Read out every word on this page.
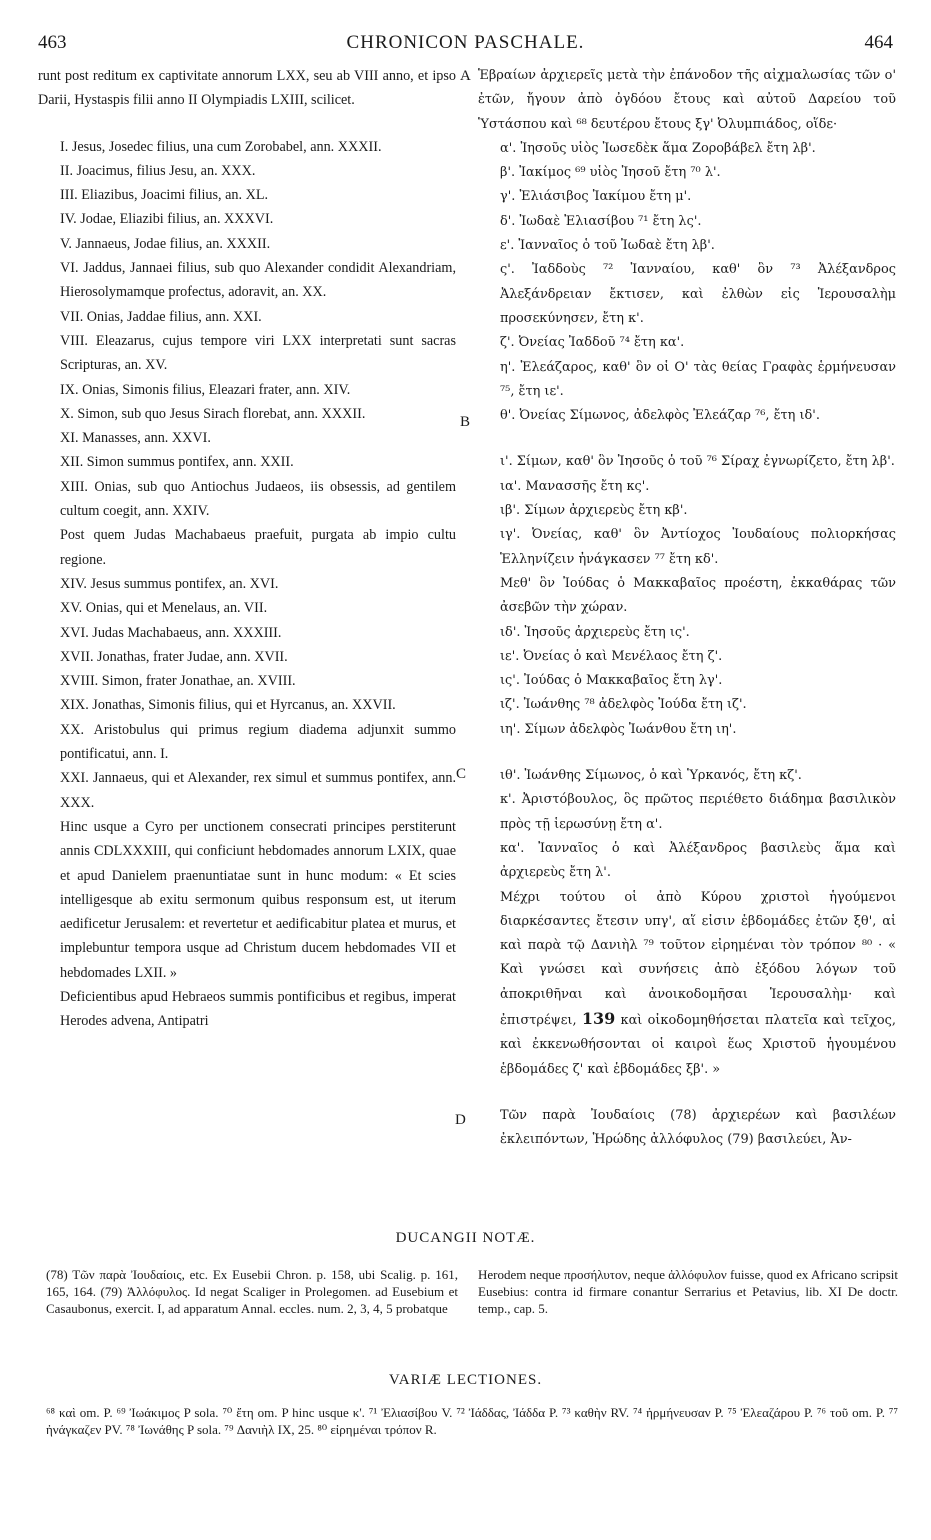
463	CHRONICON PASCHALE.	464
A
B
C
D

runt post reditum ex captivitate annorum LXX, seu ab VIII anno, et ipso Darii, Hystaspis filii anno II Olympiadis LXIII, scilicet.

I. Jesus, Josedec filius, una cum Zorobabel, ann. XXXII.

II. Joacimus, filius Jesu, an. XXX.

III. Eliazibus, Joacimi filius, an. XL.

IV. Jodae, Eliazibi filius, an. XXXVI.

V. Jannaeus, Jodae filius, an. XXXII.

VI. Jaddus, Jannaei filius, sub quo Alexander condidit Alexandriam, Hierosolymamque profectus, adoravit, an. XX.

VII. Onias, Jaddae filius, ann. XXI.

VIII. Eleazarus, cujus tempore viri LXX interpretati sunt sacras Scripturas, an. XV.

IX. Onias, Simonis filius, Eleazari frater, ann. XIV.

X. Simon, sub quo Jesus Sirach florebat, ann. XXXII.

XI. Manasses, ann. XXVI.

XII. Simon summus pontifex, ann. XXII.

XIII. Onias, sub quo Antiochus Judaeos, iis obsessis, ad gentilem cultum coegit, ann. XXIV.

Post quem Judas Machabaeus praefuit, purgata ab impio cultu regione.

XIV. Jesus summus pontifex, an. XVI.

XV. Onias, qui et Menelaus, an. VII.

XVI. Judas Machabaeus, ann. XXXIII.

XVII. Jonathas, frater Judae, ann. XVII.

XVIII. Simon, frater Jonathae, an. XVIII.

XIX. Jonathas, Simonis filius, qui et Hyrcanus, an. XXVII.

XX. Aristobulus qui primus regium diadema adjunxit summo pontificatui, ann. I.

XXI. Jannaeus, qui et Alexander, rex simul et summus pontifex, ann. XXX.

Hinc usque a Cyro per unctionem consecrati principes perstiterunt annis CDLXXXIII, qui conficiunt hebdomades annorum LXIX, quae et apud Danielem praenuntiatae sunt in hunc modum: « Et scies intelligesque ab exitu sermonum quibus responsum est, ut iterum aedificetur Jerusalem: et revertetur et aedificabitur platea et murus, et implebuntur tempora usque ad Christum ducem hebdomades VII et hebdomades LXII. »

Deficientibus apud Hebraeos summis pontificibus et regibus, imperat Herodes advena, Antipatri

Ἑβραίων ἀρχιερεῖς μετὰ τὴν ἐπάνοδον τῆς αἰχμαλωσίας τῶν ο' ἐτῶν, ἤγουν ἀπὸ ὀγδόου ἔτους καὶ αὐτοῦ Δαρείου τοῦ Ὑστάσπου καὶ ⁶⁸ δευτέρου ἔτους ξγ' Ὀλυμπιάδος, οἵδε·

α'. Ἰησοῦς υἱὸς Ἰωσεδὲκ ἅμα Ζοροβάβελ ἔτη λβ'.

β'. Ἰακίμος ⁶⁹ υἱὸς Ἰησοῦ ἔτη ⁷⁰ λ'.

γ'. Ἐλιάσιβος Ἰακίμου ἔτη μ'.

δ'. Ἰωδαὲ Ἐλιασίβου ⁷¹ ἔτη λς'.

ε'. Ἰανναῖος ὁ τοῦ Ἰωδαὲ ἔτη λβ'.

ς'. Ἰαδδοὺς ⁷² Ἰανναίου, καθ' ὃν ⁷³ Ἀλέξανδρος Ἀλεξάνδρειαν ἔκτισεν, καὶ ἐλθὼν εἰς Ἱερουσαλὴμ προσεκύνησεν, ἔτη κ'.

ζ'. Ὀνείας Ἰαδδοῦ ⁷⁴ ἔτη κα'.

η'. Ἐλεάζαρος, καθ' ὃν οἱ Ο' τὰς θείας Γραφὰς ἑρμήνευσαν ⁷⁵, ἔτη ιε'.

θ'. Ὀνείας Σίμωνος, ἀδελφὸς Ἐλεάζαρ ⁷⁶, ἔτη ιδ'.

ι'. Σίμων, καθ' ὃν Ἰησοῦς ὁ τοῦ ⁷⁶ Σίραχ ἐγνωρίζετο, ἔτη λβ'.

ια'. Μανασσῆς ἔτη κς'.

ιβ'. Σίμων ἀρχιερεὺς ἔτη κβ'.

ιγ'. Ὀνείας, καθ' ὃν Ἀντίοχος Ἰουδαίους πολιορκήσας Ἑλληνίζειν ἠνάγκασεν ⁷⁷ ἔτη κδ'.

Μεθ' ὃν Ἰούδας ὁ Μακκαβαῖος προέστη, ἐκκαθάρας τῶν ἀσεβῶν τὴν χώραν.

ιδ'. Ἰησοῦς ἀρχιερεὺς ἔτη ις'.

ιε'. Ὀνείας ὁ καὶ Μενέλαος ἔτη ζ'.

ις'. Ἰούδας ὁ Μακκαβαῖος ἔτη λγ'.

ιζ'. Ἰωάνθης ⁷⁸ ἀδελφὸς Ἰούδα ἔτη ιζ'.

ιη'. Σίμων ἀδελφὸς Ἰωάνθου ἔτη ιη'.

ιθ'. Ἰωάνθης Σίμωνος, ὁ καὶ Ὑρκανός, ἔτη κζ'.

κ'. Ἀριστόβουλος, ὃς πρῶτος περιέθετο διάδημα βασιλικὸν πρὸς τῇ ἱερωσύνῃ ἔτη α'.

κα'. Ἰανναῖος ὁ καὶ Ἀλέξανδρος βασιλεὺς ἅμα καὶ ἀρχιερεὺς ἔτη λ'.

Μέχρι τούτου οἱ ἀπὸ Κύρου χριστοὶ ἡγούμενοι διαρκέσαντες ἔτεσιν υπγ', αἵ εἰσιν ἑβδομάδες ἐτῶν ξθ', αἱ καὶ παρὰ τῷ Δανιὴλ ⁷⁹ τοῦτον εἰρημέναι τὸν τρόπον ⁸⁰ · « Καὶ γνώσει καὶ συνήσεις ἀπὸ ἐξόδου λόγων τοῦ ἀποκριθῆναι καὶ ἀνοικοδομῆσαι Ἱερουσαλὴμ· καὶ ἐπιστρέψει, 139 καὶ οἰκοδομηθήσεται πλατεῖα καὶ τεῖχος, καὶ ἐκκενωθήσονται οἱ καιροὶ ἕως Χριστοῦ ἡγουμένου ἑβδομάδες ζ' καὶ ἑβδομάδες ξβ'. »

Τῶν παρὰ Ἰουδαίοις (78) ἀρχιερέων καὶ βασιλέων ἐκλειπόντων, Ἡρώδης ἀλλόφυλος (79) βασιλεύει, Ἀν-

DUCANGII NOTÆ.

(78) Τῶν παρὰ Ἰουδαίοις, etc. Ex Eusebii Chron. p. 158, ubi Scalig. p. 161, 165, 164. (79) Ἀλλόφυλος. Id negat Scaliger in Prolegomen. ad Eusebium et Casaubonus, exercit. I, ad apparatum Annal. eccles. num. 2, 3, 4, 5 probatque

Herodem neque προσήλυτον, neque ἀλλόφυλον fuisse, quod ex Africano scripsit Eusebius: contra id firmare conantur Serrarius et Petavius, lib. XI De doctr. temp., cap. 5.

VARIÆ LECTIONES.

⁶⁸ καὶ om. P. ⁶⁹ Ἰωάκιμος P sola. ⁷⁰ ἔτη om. P hinc usque κ'. ⁷¹ Ἐλιασίβου V. ⁷² Ἰάδδας, Ἰάδδα P. ⁷³ καθὴν RV. ⁷⁴ ἡρμήνευσαν P. ⁷⁵ Ἐλεαζάρου P. ⁷⁶ τοῦ om. P. ⁷⁷ ἠνάγκαζεν PV. ⁷⁸ Ἰωνάθης P sola. ⁷⁹ Δανιὴλ IX, 25. ⁸⁰ εἰρημέναι τρόπον R.
